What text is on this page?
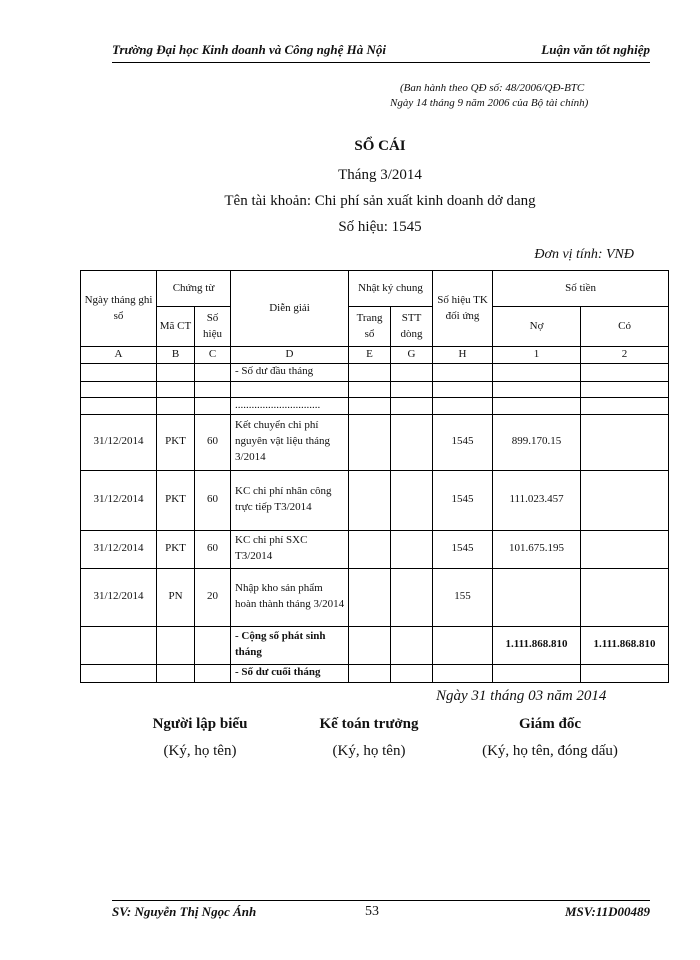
Trường Đại học Kinh doanh và Công nghệ Hà Nội	Luận văn tốt nghiệp
(Ban hành theo QĐ số: 48/2006/QĐ-BTC
Ngày 14 tháng 9 năm 2006 của Bộ tài chính)
SỔ CÁI
Tháng 3/2014
Tên tài khoản: Chi phí sản xuất kinh doanh dở dang
Số hiệu: 1545
Đơn vị tính: VNĐ
Ngày tháng ghi sổ	Chứng từ		Diễn giải	Nhật ký chung		Số hiệu TK đối ứng	Số tiền	
	Mã CT	Số hiệu		Trang sổ	STT dòng		Nợ	Có
A	B	C	D	E	G	H	1	2
			- Số dư đầu tháng					

			...............................					
31/12/2014	PKT	60	Kết chuyển chi phí nguyên vật liệu tháng 3/2014			1545	899.170.15	
31/12/2014	PKT	60	KC chi phí nhân công trực tiếp T3/2014			1545	111.023.457	
31/12/2014	PKT	60	KC chi phí SXC T3/2014			1545	101.675.195	
31/12/2014	PN	20	Nhập kho sản phẩm hoàn thành tháng 3/2014			155		
			- Cộng số phát sinh tháng				1.111.868.810	1.111.868.810
			- Số dư cuối tháng					
Ngày 31 tháng 03 năm 2014
Người lập biểu
(Ký, họ tên)
Kế toán trưởng
(Ký, họ tên)
Giám đốc
(Ký, họ tên, đóng dấu)
SV: Nguyễn Thị Ngọc Ánh	53	MSV:11D00489
